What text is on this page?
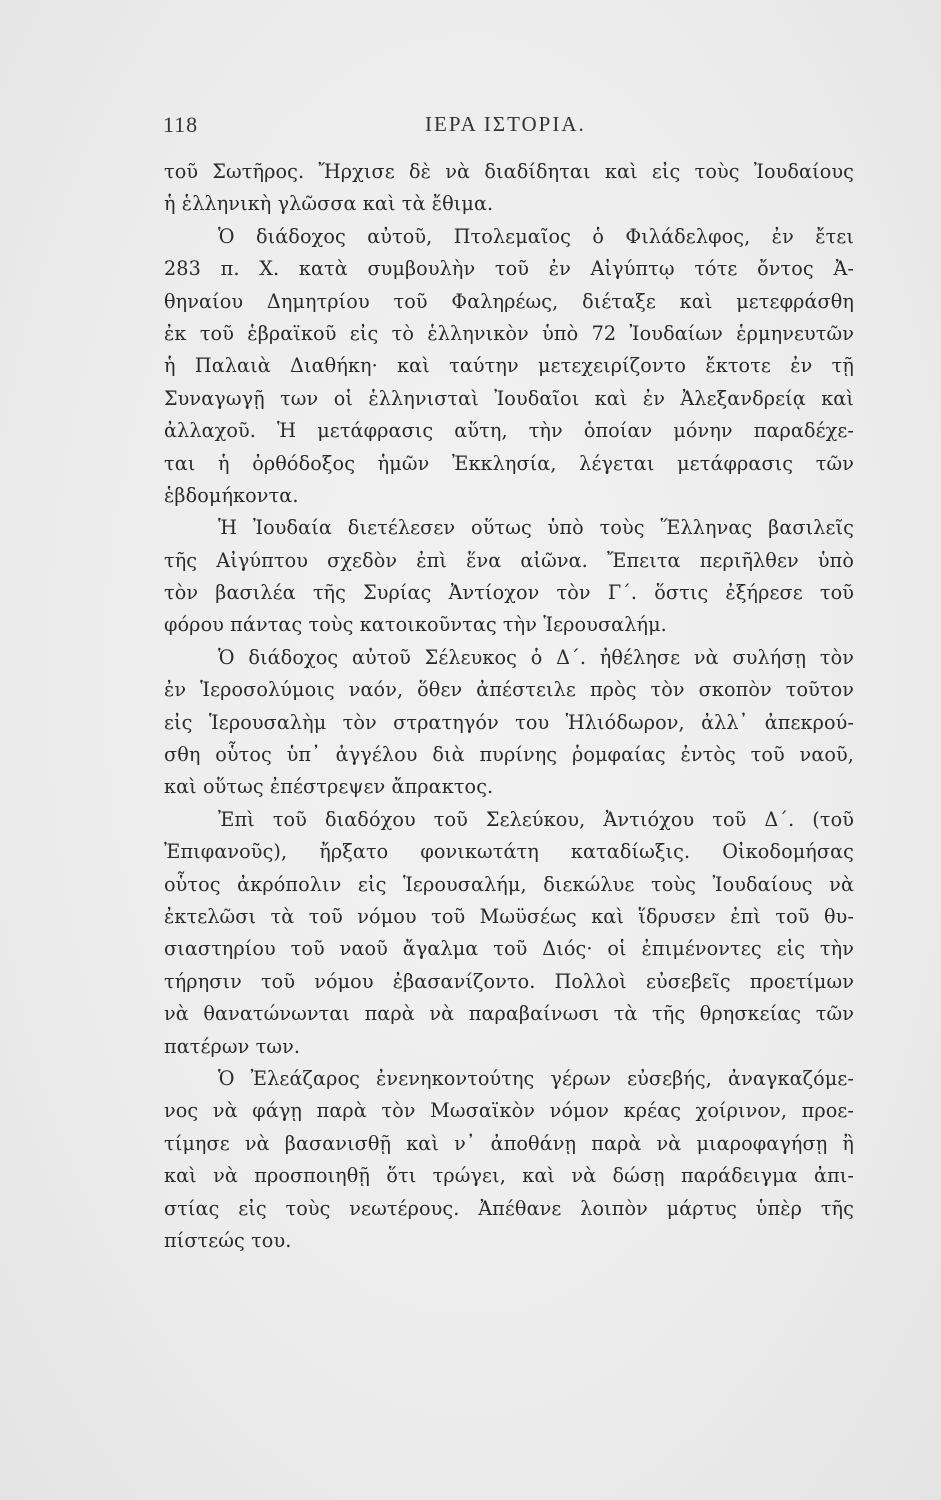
118	ΙΕΡΑ ΙΣΤΟΡΙΑ.
τοῦ Σωτῆρος. Ἤρχισε δὲ νὰ διαδίδηται καὶ εἰς τοὺς Ἰουδαίους
ἡ ἑλληνικὴ γλῶσσα καὶ τὰ ἔθιμα.
Ὁ διάδοχος αὐτοῦ, Πτολεμαῖος ὁ Φιλάδελφος, ἐν ἔτει
283 π. Χ. κατὰ συμβουλὴν τοῦ ἐν Αἰγύπτῳ τότε ὄντος Ἀ-
θηναίου Δημητρίου τοῦ Φαληρέως, διέταξε καὶ μετεφράσθη
ἐκ τοῦ ἑβραϊκοῦ εἰς τὸ ἑλληνικὸν ὑπὸ 72 Ἰουδαίων ἑρμηνευτῶν
ἡ Παλαιὰ Διαθήκη· καὶ ταύτην μετεχειρίζοντο ἔκτοτε ἐν τῇ
Συναγωγῇ των οἱ ἑλληνισταὶ Ἰουδαῖοι καὶ ἐν Ἀλεξανδρείᾳ καὶ
ἀλλαχοῦ. Ἡ μετάφρασις αὕτη, τὴν ὁποίαν μόνην παραδέχε-
ται ἡ ὀρθόδοξος ἡμῶν Ἐκκλησία, λέγεται μετάφρασις τῶν
ἑβδομήκοντα.
Ἡ Ἰουδαία διετέλεσεν οὕτως ὑπὸ τοὺς Ἕλληνας βασιλεῖς
τῆς Αἰγύπτου σχεδὸν ἐπὶ ἕνα αἰῶνα. Ἔπειτα περιῆλθεν ὑπὸ
τὸν βασιλέα τῆς Συρίας Ἀντίοχον τὸν Γ΄. ὅστις ἐξήρεσε τοῦ
φόρου πάντας τοὺς κατοικοῦντας τὴν Ἱερουσαλήμ.
Ὁ διάδοχος αὐτοῦ Σέλευκος ὁ Δ΄. ἠθέλησε νὰ συλήσῃ τὸν
ἐν Ἱεροσολύμοις ναόν, ὅθεν ἀπέστειλε πρὸς τὸν σκοπὸν τοῦτον
εἰς Ἱερουσαλὴμ τὸν στρατηγόν του Ἡλιόδωρον, ἀλλ᾽ ἀπεκρού-
σθη οὗτος ὑπ᾽ ἀγγέλου διὰ πυρίνης ῥομφαίας ἐντὸς τοῦ ναοῦ,
καὶ οὕτως ἐπέστρεψεν ἄπρακτος.
Ἐπὶ τοῦ διαδόχου τοῦ Σελεύκου, Ἀντιόχου τοῦ Δ΄. (τοῦ
Ἐπιφανοῦς), ἤρξατο φονικωτάτη καταδίωξις. Οἰκοδομήσας
οὗτος ἀκρόπολιν εἰς Ἱερουσαλήμ, διεκώλυε τοὺς Ἰουδαίους νὰ
ἐκτελῶσι τὰ τοῦ νόμου τοῦ Μωϋσέως καὶ ἵδρυσεν ἐπὶ τοῦ θυ-
σιαστηρίου τοῦ ναοῦ ἄγαλμα τοῦ Διός· οἱ ἐπιμένοντες εἰς τὴν
τήρησιν τοῦ νόμου ἐβασανίζοντο. Πολλοὶ εὐσεβεῖς προετίμων
νὰ θανατώνωνται παρὰ νὰ παραβαίνωσι τὰ τῆς θρησκείας τῶν
πατέρων των.
Ὁ Ἐλεάζαρος ἐνενηκοντούτης γέρων εὐσεβής, ἀναγκαζόμε-
νος νὰ φάγῃ παρὰ τὸν Μωσαϊκὸν νόμον κρέας χοίρινον, προε-
τίμησε νὰ βασανισθῇ καὶ ν᾽ ἀποθάνῃ παρὰ νὰ μιαροφαγήσῃ ἢ
καὶ νὰ προσποιηθῇ ὅτι τρώγει, καὶ νὰ δώσῃ παράδειγμα ἀπι-
στίας εἰς τοὺς νεωτέρους. Ἀπέθανε λοιπὸν μάρτυς ὑπὲρ τῆς
πίστεώς του.
